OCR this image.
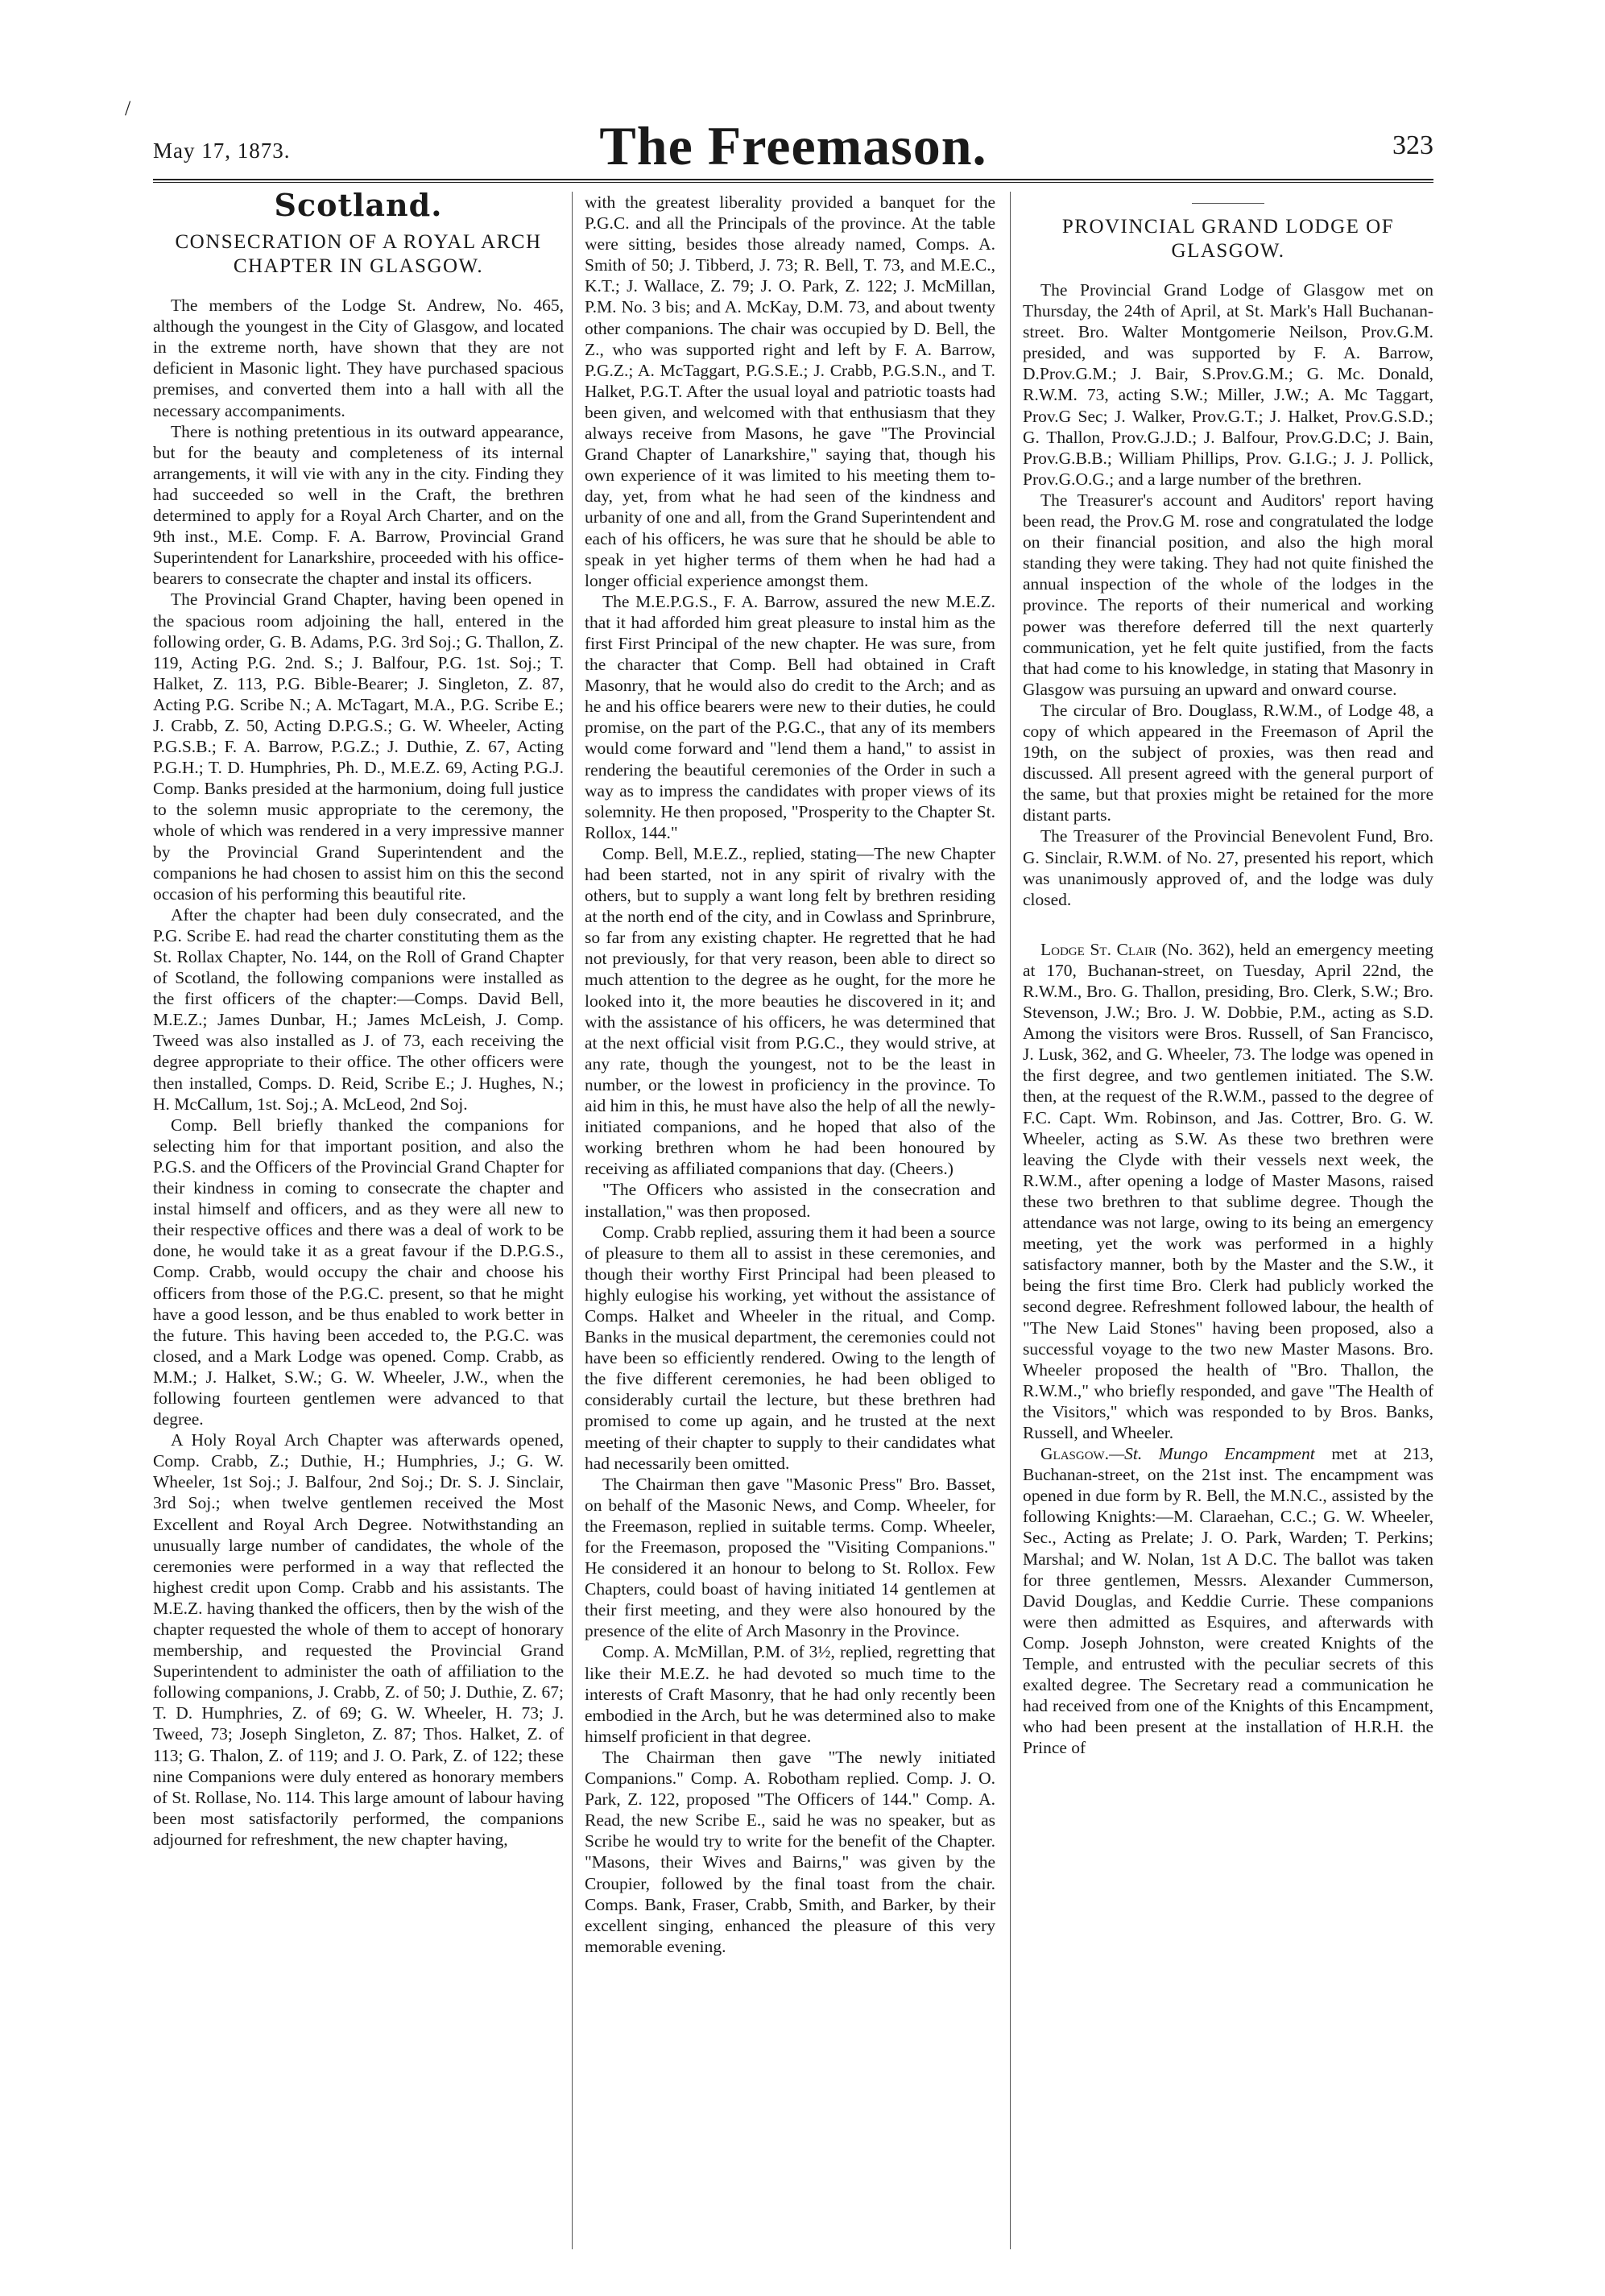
/
May 17, 1873.	The Freemason.	323
Scotland.
CONSECRATION OF A ROYAL ARCH CHAPTER IN GLASGOW.

The members of the Lodge St. Andrew, No. 465, although the youngest in the City of Glasgow, and located in the extreme north, have shown that they are not deficient in Masonic light. They have purchased spacious premises, and converted them into a hall with all the necessary accompaniments.

There is nothing pretentious in its outward appearance, but for the beauty and completeness of its internal arrangements, it will vie with any in the city. Finding they had succeeded so well in the Craft, the brethren determined to apply for a Royal Arch Charter, and on the 9th inst., M.E. Comp. F. A. Barrow, Provincial Grand Superintendent for Lanarkshire, proceeded with his office-bearers to consecrate the chapter and instal its officers.

The Provincial Grand Chapter, having been opened in the spacious room adjoining the hall, entered in the following order, G. B. Adams, P.G. 3rd Soj.; G. Thallon, Z. 119, Acting P.G. 2nd. S.; J. Balfour, P.G. 1st. Soj.; T. Halket, Z. 113, P.G. Bible-Bearer; J. Singleton, Z. 87, Acting P.G. Scribe N.; A. McTagart, M.A., P.G. Scribe E.; J. Crabb, Z. 50, Acting D.P.G.S.; G. W. Wheeler, Acting P.G.S.B.; F. A. Barrow, P.G.Z.; J. Duthie, Z. 67, Acting P.G.H.; T. D. Humphries, Ph. D., M.E.Z. 69, Acting P.G.J. Comp. Banks presided at the harmonium, doing full justice to the solemn music appropriate to the ceremony, the whole of which was rendered in a very impressive manner by the Provincial Grand Superintendent and the companions he had chosen to assist him on this the second occasion of his performing this beautiful rite.

After the chapter had been duly consecrated, and the P.G. Scribe E. had read the charter constituting them as the St. Rollax Chapter, No. 144, on the Roll of Grand Chapter of Scotland, the following companions were installed as the first officers of the chapter:—Comps. David Bell, M.E.Z.; James Dunbar, H.; James McLeish, J. Comp. Tweed was also installed as J. of 73, each receiving the degree appropriate to their office. The other officers were then installed, Comps. D. Reid, Scribe E.; J. Hughes, N.; H. McCallum, 1st. Soj.; A. McLeod, 2nd Soj.

Comp. Bell briefly thanked the companions for selecting him for that important position, and also the P.G.S. and the Officers of the Provincial Grand Chapter for their kindness in coming to consecrate the chapter and instal himself and officers, and as they were all new to their respective offices and there was a deal of work to be done, he would take it as a great favour if the D.P.G.S., Comp. Crabb, would occupy the chair and choose his officers from those of the P.G.C. present, so that he might have a good lesson, and be thus enabled to work better in the future. This having been acceded to, the P.G.C. was closed, and a Mark Lodge was opened. Comp. Crabb, as M.M.; J. Halket, S.W.; G. W. Wheeler, J.W., when the following fourteen gentlemen were advanced to that degree.

A Holy Royal Arch Chapter was afterwards opened, Comp. Crabb, Z.; Duthie, H.; Humphries, J.; G. W. Wheeler, 1st Soj.; J. Balfour, 2nd Soj.; Dr. S. J. Sinclair, 3rd Soj.; when twelve gentlemen received the Most Excellent and Royal Arch Degree. Notwithstanding an unusually large number of candidates, the whole of the ceremonies were performed in a way that reflected the highest credit upon Comp. Crabb and his assistants. The M.E.Z. having thanked the officers, then by the wish of the chapter requested the whole of them to accept of honorary membership, and requested the Provincial Grand Superintendent to administer the oath of affiliation to the following companions, J. Crabb, Z. of 50; J. Duthie, Z. 67; T. D. Humphries, Z. of 69; G. W. Wheeler, H. 73; J. Tweed, 73; Joseph Singleton, Z. 87; Thos. Halket, Z. of 113; G. Thalon, Z. of 119; and J. O. Park, Z. of 122; these nine Companions were duly entered as honorary members of St. Rollase, No. 114. This large amount of labour having been most satisfactorily performed, the companions adjourned for refreshment, the new chapter having,

with the greatest liberality provided a banquet for the P.G.C. and all the Principals of the province. At the table were sitting, besides those already named, Comps. A. Smith of 50; J. Tibberd, J. 73; R. Bell, T. 73, and M.E.C., K.T.; J. Wallace, Z. 79; J. O. Park, Z. 122; J. McMillan, P.M. No. 3 bis; and A. McKay, D.M. 73, and about twenty other companions. The chair was occupied by D. Bell, the Z., who was supported right and left by F. A. Barrow, P.G.Z.; A. McTaggart, P.G.S.E.; J. Crabb, P.G.S.N., and T. Halket, P.G.T. After the usual loyal and patriotic toasts had been given, and welcomed with that enthusiasm that they always receive from Masons, he gave "The Provincial Grand Chapter of Lanarkshire," saying that, though his own experience of it was limited to his meeting them to-day, yet, from what he had seen of the kindness and urbanity of one and all, from the Grand Superintendent and each of his officers, he was sure that he should be able to speak in yet higher terms of them when he had had a longer official experience amongst them.

The M.E.P.G.S., F. A. Barrow, assured the new M.E.Z. that it had afforded him great pleasure to instal him as the first First Principal of the new chapter. He was sure, from the character that Comp. Bell had obtained in Craft Masonry, that he would also do credit to the Arch; and as he and his office bearers were new to their duties, he could promise, on the part of the P.G.C., that any of its members would come forward and "lend them a hand," to assist in rendering the beautiful ceremonies of the Order in such a way as to impress the candidates with proper views of its solemnity. He then proposed, "Prosperity to the Chapter St. Rollox, 144."

Comp. Bell, M.E.Z., replied, stating—The new Chapter had been started, not in any spirit of rivalry with the others, but to supply a want long felt by brethren residing at the north end of the city, and in Cowlass and Sprinbrure, so far from any existing chapter. He regretted that he had not previously, for that very reason, been able to direct so much attention to the degree as he ought, for the more he looked into it, the more beauties he discovered in it; and with the assistance of his officers, he was determined that at the next official visit from P.G.C., they would strive, at any rate, though the youngest, not to be the least in number, or the lowest in proficiency in the province. To aid him in this, he must have also the help of all the newly-initiated companions, and he hoped that also of the working brethren whom he had been honoured by receiving as affiliated companions that day. (Cheers.)

"The Officers who assisted in the consecration and installation," was then proposed.

Comp. Crabb replied, assuring them it had been a source of pleasure to them all to assist in these ceremonies, and though their worthy First Principal had been pleased to highly eulogise his working, yet without the assistance of Comps. Halket and Wheeler in the ritual, and Comp. Banks in the musical department, the ceremonies could not have been so efficiently rendered. Owing to the length of the five different ceremonies, he had been obliged to considerably curtail the lecture, but these brethren had promised to come up again, and he trusted at the next meeting of their chapter to supply to their candidates what had necessarily been omitted.

The Chairman then gave "Masonic Press" Bro. Basset, on behalf of the Masonic News, and Comp. Wheeler, for the Freemason, replied in suitable terms. Comp. Wheeler, for the Freemason, proposed the "Visiting Companions." He considered it an honour to belong to St. Rollox. Few Chapters, could boast of having initiated 14 gentlemen at their first meeting, and they were also honoured by the presence of the elite of Arch Masonry in the Province.

Comp. A. McMillan, P.M. of 3½, replied, regretting that like their M.E.Z. he had devoted so much time to the interests of Craft Masonry, that he had only recently been embodied in the Arch, but he was determined also to make himself proficient in that degree.

The Chairman then gave "The newly initiated Companions." Comp. A. Robotham replied. Comp. J. O. Park, Z. 122, proposed "The Officers of 144." Comp. A. Read, the new Scribe E., said he was no speaker, but as Scribe he would try to write for the benefit of the Chapter. "Masons, their Wives and Bairns," was given by the Croupier, followed by the final toast from the chair. Comps. Bank, Fraser, Crabb, Smith, and Barker, by their excellent singing, enhanced the pleasure of this very memorable evening.

PROVINCIAL GRAND LODGE OF GLASGOW.

The Provincial Grand Lodge of Glasgow met on Thursday, the 24th of April, at St. Mark's Hall Buchanan-street. Bro. Walter Montgomerie Neilson, Prov.G.M. presided, and was supported by F. A. Barrow, D.Prov.G.M.; J. Bair, S.Prov.G.M.; G. Mc. Donald, R.W.M. 73, acting S.W.; Miller, J.W.; A. Mc Taggart, Prov.G Sec; J. Walker, Prov.G.T.; J. Halket, Prov.G.S.D.; G. Thallon, Prov.G.J.D.; J. Balfour, Prov.G.D.C; J. Bain, Prov.G.B.B.; William Phillips, Prov. G.I.G.; J. J. Pollick, Prov.G.O.G.; and a large number of the brethren.

The Treasurer's account and Auditors' report having been read, the Prov.G M. rose and congratulated the lodge on their financial position, and also the high moral standing they were taking. They had not quite finished the annual inspection of the whole of the lodges in the province. The reports of their numerical and working power was therefore deferred till the next quarterly communication, yet he felt quite justified, from the facts that had come to his knowledge, in stating that Masonry in Glasgow was pursuing an upward and onward course.

The circular of Bro. Douglass, R.W.M., of Lodge 48, a copy of which appeared in the Freemason of April the 19th, on the subject of proxies, was then read and discussed. All present agreed with the general purport of the same, but that proxies might be retained for the more distant parts.

The Treasurer of the Provincial Benevolent Fund, Bro. G. Sinclair, R.W.M. of No. 27, presented his report, which was unanimously approved of, and the lodge was duly closed.

Lodge St. Clair (No. 362), held an emergency meeting at 170, Buchanan-street, on Tuesday, April 22nd, the R.W.M., Bro. G. Thallon, presiding, Bro. Clerk, S.W.; Bro. Stevenson, J.W.; Bro. J. W. Dobbie, P.M., acting as S.D. Among the visitors were Bros. Russell, of San Francisco, J. Lusk, 362, and G. Wheeler, 73. The lodge was opened in the first degree, and two gentlemen initiated. The S.W. then, at the request of the R.W.M., passed to the degree of F.C. Capt. Wm. Robinson, and Jas. Cottrer, Bro. G. W. Wheeler, acting as S.W. As these two brethren were leaving the Clyde with their vessels next week, the R.W.M., after opening a lodge of Master Masons, raised these two brethren to that sublime degree. Though the attendance was not large, owing to its being an emergency meeting, yet the work was performed in a highly satisfactory manner, both by the Master and the S.W., it being the first time Bro. Clerk had publicly worked the second degree. Refreshment followed labour, the health of "The New Laid Stones" having been proposed, also a successful voyage to the two new Master Masons. Bro. Wheeler proposed the health of "Bro. Thallon, the R.W.M.," who briefly responded, and gave "The Health of the Visitors," which was responded to by Bros. Banks, Russell, and Wheeler.

Glasgow.—St. Mungo Encampment met at 213, Buchanan-street, on the 21st inst. The encampment was opened in due form by R. Bell, the M.N.C., assisted by the following Knights:—M. Claraehan, C.C.; G. W. Wheeler, Sec., Acting as Prelate; J. O. Park, Warden; T. Perkins; Marshal; and W. Nolan, 1st A D.C. The ballot was taken for three gentlemen, Messrs. Alexander Cummerson, David Douglas, and Keddie Currie. These companions were then admitted as Esquires, and afterwards with Comp. Joseph Johnston, were created Knights of the Temple, and entrusted with the peculiar secrets of this exalted degree. The Secretary read a communication he had received from one of the Knights of this Encampment, who had been present at the installation of H.R.H. the Prince of
